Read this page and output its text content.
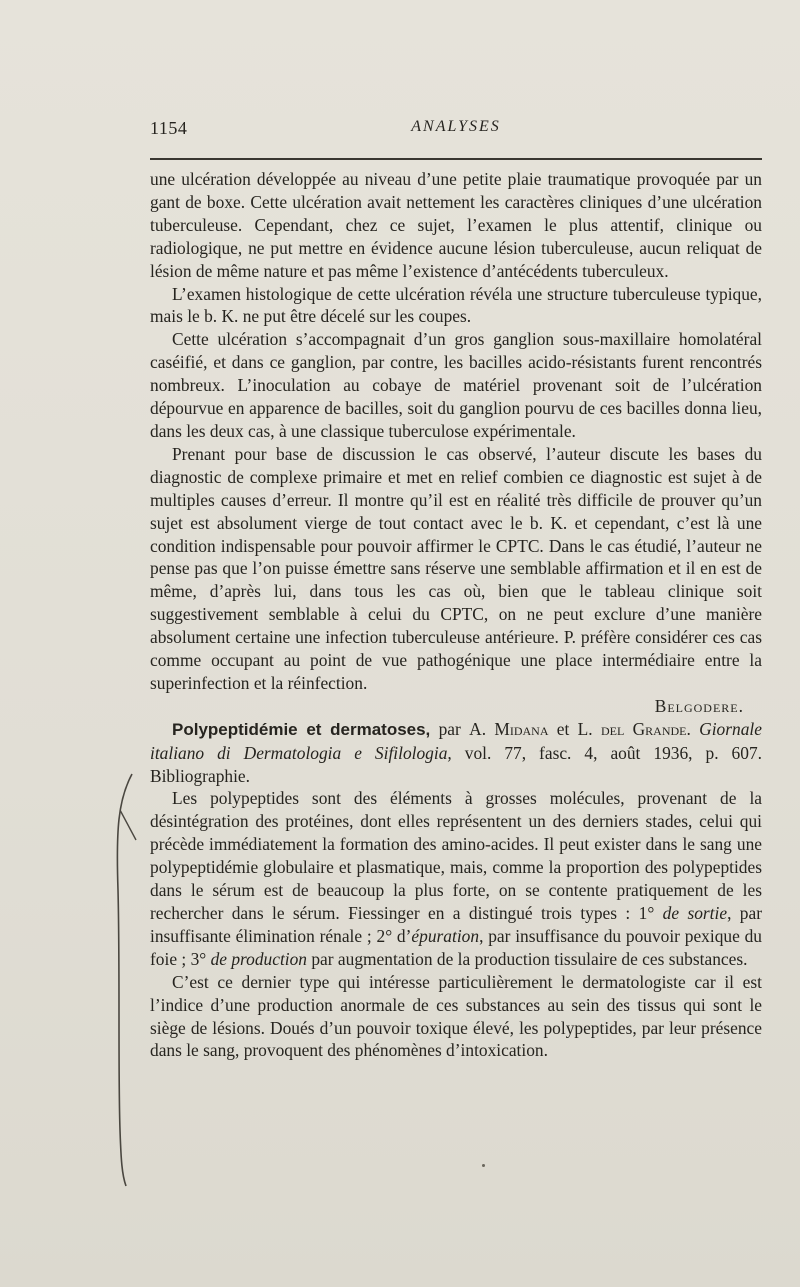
1154	ANALYSES

une ulcération développée au niveau d’une petite plaie traumatique provoquée par un gant de boxe. Cette ulcération avait nettement les caractères cliniques d’une ulcération tuberculeuse. Cependant, chez ce sujet, l’examen le plus attentif, clinique ou radiologique, ne put mettre en évidence aucune lésion tuberculeuse, aucun reliquat de lésion de même nature et pas même l’existence d’antécédents tuberculeux.

L’examen histologique de cette ulcération révéla une structure tuberculeuse typique, mais le b. K. ne put être décelé sur les coupes.

Cette ulcération s’accompagnait d’un gros ganglion sous-maxillaire homolatéral caséifié, et dans ce ganglion, par contre, les bacilles acido-résistants furent rencontrés nombreux. L’inoculation au cobaye de matériel provenant soit de l’ulcération dépourvue en apparence de bacilles, soit du ganglion pourvu de ces bacilles donna lieu, dans les deux cas, à une classique tuberculose expérimentale.

Prenant pour base de discussion le cas observé, l’auteur discute les bases du diagnostic de complexe primaire et met en relief combien ce diagnostic est sujet à de multiples causes d’erreur. Il montre qu’il est en réalité très difficile de prouver qu’un sujet est absolument vierge de tout contact avec le b. K. et cependant, c’est là une condition indispensable pour pouvoir affirmer le CPTC. Dans le cas étudié, l’auteur ne pense pas que l’on puisse émettre sans réserve une semblable affirmation et il en est de même, d’après lui, dans tous les cas où, bien que le tableau clinique soit suggestivement semblable à celui du CPTC, on ne peut exclure d’une manière absolument certaine une infection tuberculeuse antérieure. P. préfère considérer ces cas comme occupant au point de vue pathogénique une place intermédiaire entre la superinfection et la réinfection.

Belgodere.

Polypeptidémie et dermatoses, par A. Midana et L. del Grande. Giornale italiano di Dermatologia e Sifilologia, vol. 77, fasc. 4, août 1936, p. 607. Bibliographie.

Les polypeptides sont des éléments à grosses molécules, provenant de la désintégration des protéines, dont elles représentent un des derniers stades, celui qui précède immédiatement la formation des amino-acides. Il peut exister dans le sang une polypeptidémie globulaire et plasmatique, mais, comme la proportion des polypeptides dans le sérum est de beaucoup la plus forte, on se contente pratiquement de les rechercher dans le sérum. Fiessinger en a distingué trois types : 1° de sortie, par insuffisante élimination rénale ; 2° d’épuration, par insuffisance du pouvoir pexique du foie ; 3° de production par augmentation de la production tissulaire de ces substances.

C’est ce dernier type qui intéresse particulièrement le dermatologiste car il est l’indice d’une production anormale de ces substances au sein des tissus qui sont le siège de lésions. Doués d’un pouvoir toxique élevé, les polypeptides, par leur présence dans le sang, provoquent des phénomènes d’intoxication.
